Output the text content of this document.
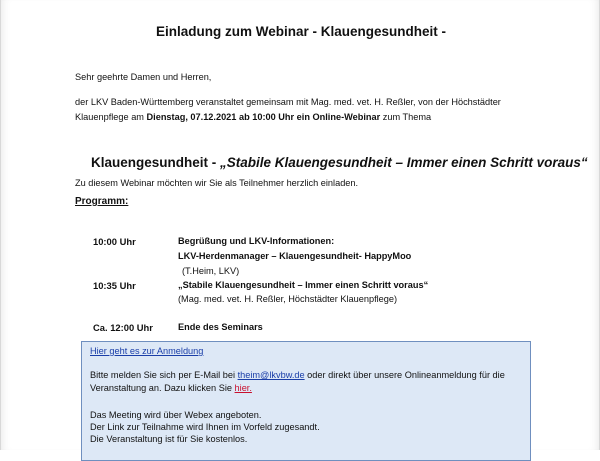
Einladung zum Webinar - Klauengesundheit -
Sehr geehrte Damen und Herren,
der LKV Baden-Württemberg veranstaltet gemeinsam mit Mag. med. vet. H. Reßler, von der Höchstädter
Klauenpflege am Dienstag, 07.12.2021 ab 10:00 Uhr ein Online-Webinar zum Thema
Klauengesundheit - „Stabile Klauengesundheit – Immer einen Schritt voraus“
Zu diesem Webinar möchten wir Sie als Teilnehmer herzlich einladen.
Programm:
10:00 Uhr	Begrüßung und LKV-Informationen:
LKV-Herdenmanager – Klauengesundheit- HappyMoo
(T.Heim, LKV)
10:35 Uhr	„Stabile Klauengesundheit – Immer einen Schritt voraus“
(Mag. med. vet. H. Reßler, Höchstädter Klauenpflege)
Ca. 12:00 Uhr	Ende des Seminars
Hier geht es zur Anmeldung
Bitte melden Sie sich per E-Mail bei theim@lkvbw.de oder direkt über unsere Onlineanmeldung für die
Veranstaltung an. Dazu klicken Sie hier.
Das Meeting wird über Webex angeboten.
Der Link zur Teilnahme wird Ihnen im Vorfeld zugesandt.
Die Veranstaltung ist für Sie kostenlos.
